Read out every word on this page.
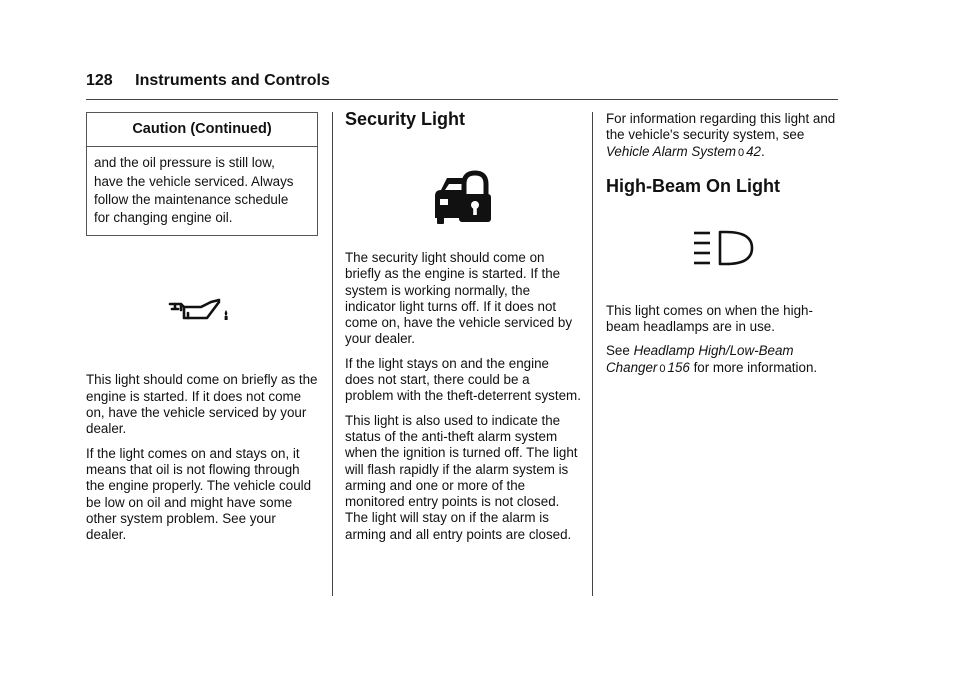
128 Instruments and Controls
Caution (Continued)
and the oil pressure is still low,
have the vehicle serviced. Always
follow the maintenance schedule
for changing engine oil.

This light should come on briefly as the engine is started. If it does not come on, have the vehicle serviced by your dealer.

If the light comes on and stays on, it means that oil is not flowing through the engine properly. The vehicle could be low on oil and might have some other system problem. See your dealer.

Security Light

The security light should come on briefly as the engine is started. If the system is working normally, the indicator light turns off. If it does not come on, have the vehicle serviced by your dealer.

If the light stays on and the engine does not start, there could be a problem with the theft-deterrent system.

This light is also used to indicate the status of the anti-theft alarm system when the ignition is turned off. The light will flash rapidly if the alarm system is arming and one or more of the monitored entry points is not closed. The light will stay on if the alarm is arming and all entry points are closed.

For information regarding this light and the vehicle's security system, see Vehicle Alarm System 0 42.

High-Beam On Light

This light comes on when the high-beam headlamps are in use.

See Headlamp High/Low-Beam Changer 0 156 for more information.
